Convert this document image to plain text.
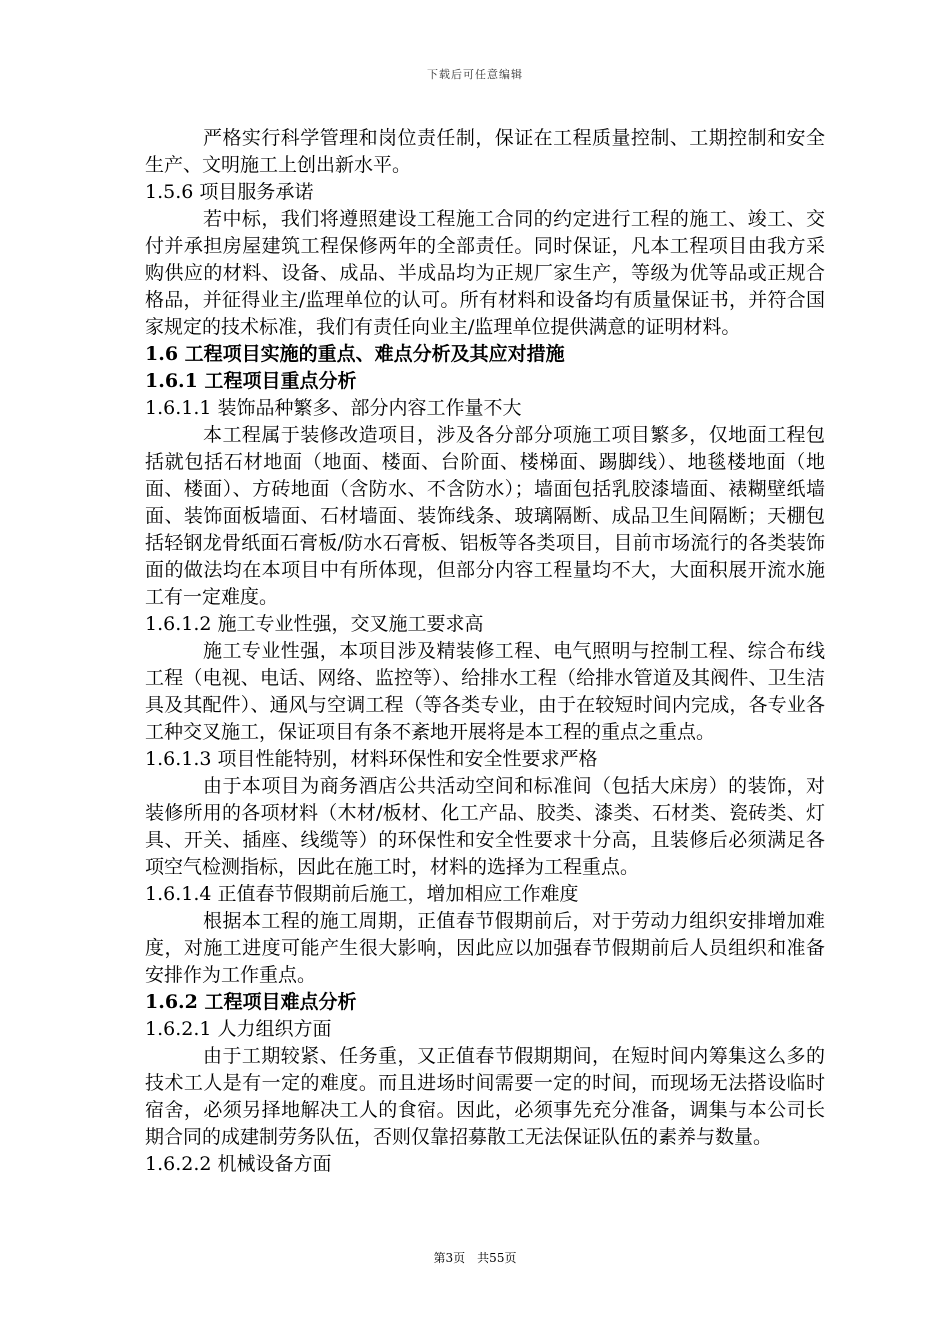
下载后可任意编辑

严格实行科学管理和岗位责任制，保证在工程质量控制、工期控制和安全生产、文明施工上创出新水平。

1.5.6 项目服务承诺

若中标，我们将遵照建设工程施工合同的约定进行工程的施工、竣工、交付并承担房屋建筑工程保修两年的全部责任。同时保证，凡本工程项目由我方采购供应的材料、设备、成品、半成品均为正规厂家生产，等级为优等品或正规合格品，并征得业主/监理单位的认可。所有材料和设备均有质量保证书，并符合国家规定的技术标准，我们有责任向业主/监理单位提供满意的证明材料。

1.6 工程项目实施的重点、难点分析及其应对措施

1.6.1 工程项目重点分析

1.6.1.1 装饰品种繁多、部分内容工作量不大

本工程属于装修改造项目，涉及各分部分项施工项目繁多，仅地面工程包括就包括石材地面（地面、楼面、台阶面、楼梯面、踢脚线）、地毯楼地面（地面、楼面）、方砖地面（含防水、不含防水）；墙面包括乳胶漆墙面、裱糊壁纸墙面、装饰面板墙面、石材墙面、装饰线条、玻璃隔断、成品卫生间隔断；天棚包括轻钢龙骨纸面石膏板/防水石膏板、铝板等各类项目，目前市场流行的各类装饰面的做法均在本项目中有所体现，但部分内容工程量均不大，大面积展开流水施工有一定难度。

1.6.1.2 施工专业性强，交叉施工要求高

施工专业性强，本项目涉及精装修工程、电气照明与控制工程、综合布线工程（电视、电话、网络、监控等）、给排水工程（给排水管道及其阀件、卫生洁具及其配件）、通风与空调工程（等各类专业，由于在较短时间内完成，各专业各工种交叉施工，保证项目有条不紊地开展将是本工程的重点之重点。

1.6.1.3 项目性能特别，材料环保性和安全性要求严格

由于本项目为商务酒店公共活动空间和标准间（包括大床房）的装饰，对装修所用的各项材料（木材/板材、化工产品、胶类、漆类、石材类、瓷砖类、灯具、开关、插座、线缆等）的环保性和安全性要求十分高，且装修后必须满足各项空气检测指标，因此在施工时，材料的选择为工程重点。

1.6.1.4 正值春节假期前后施工，增加相应工作难度

根据本工程的施工周期，正值春节假期前后，对于劳动力组织安排增加难度，对施工进度可能产生很大影响，因此应以加强春节假期前后人员组织和准备安排作为工作重点。

1.6.2 工程项目难点分析

1.6.2.1 人力组织方面

由于工期较紧、任务重，又正值春节假期期间，在短时间内筹集这么多的技术工人是有一定的难度。而且进场时间需要一定的时间，而现场无法搭设临时宿舍，必须另择地解决工人的食宿。因此，必须事先充分准备，调集与本公司长期合同的成建制劳务队伍，否则仅靠招募散工无法保证队伍的素养与数量。

1.6.2.2 机械设备方面

第3页　共55页
